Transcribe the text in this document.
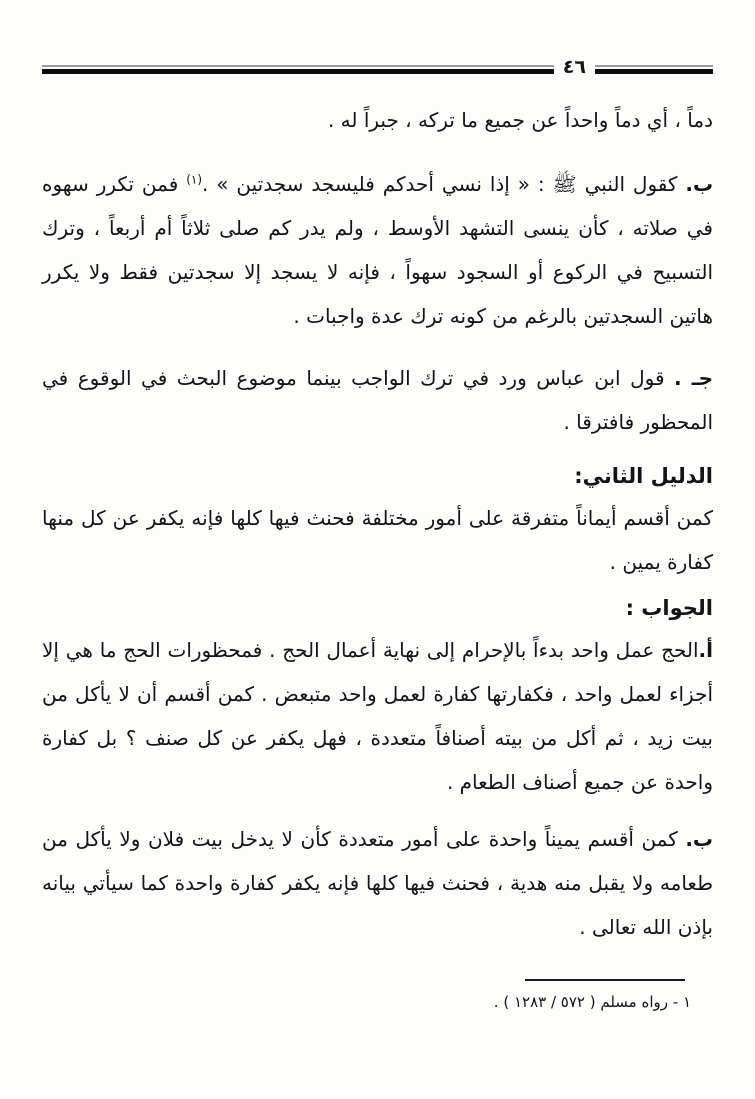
٤٦

دماً ، أي دماً واحداً عن جميع ما تركه ، جبراً له .

ب. كقول النبي ﷺ : « إذا نسي أحدكم فليسجد سجدتين » .$^{(١)}$ فمن تكرر سهوه في صلاته ، كأن ينسى التشهد الأوسط ، ولم يدر كم صلى ثلاثاً أم أربعاً ، وترك التسبيح في الركوع أو السجود سهواً ، فإنه لا يسجد إلا سجدتين فقط ولا يكرر هاتين السجدتين بالرغم من كونه ترك عدة واجبات .

جـ . قول ابن عباس ورد في ترك الواجب بينما موضوع البحث في الوقوع في المحظور فافترقا .

الدليل الثاني:

كمن أقسم أيماناً متفرقة على أمور مختلفة فحنث فيها كلها فإنه يكفر عن كل منها كفارة يمين .

الجواب :

أ.الحج عمل واحد بدءاً بالإحرام إلى نهاية أعمال الحج . فمحظورات الحج ما هي إلا أجزاء لعمل واحد ، فكفارتها كفارة لعمل واحد متبعض . كمن أقسم أن لا يأكل من بيت زيد ، ثم أكل من بيته أصنافاً متعددة ، فهل يكفر عن كل صنف ؟ بل كفارة واحدة عن جميع أصناف الطعام .

ب. كمن أقسم يميناً واحدة على أمور متعددة كأن لا يدخل بيت فلان ولا يأكل من طعامه ولا يقبل منه هدية ، فحنث فيها كلها فإنه يكفر كفارة واحدة كما سيأتي بيانه بإذن الله تعالى .

١ - رواه مسلم ( ٥٧٢ / ١٢٨٣ ) .
